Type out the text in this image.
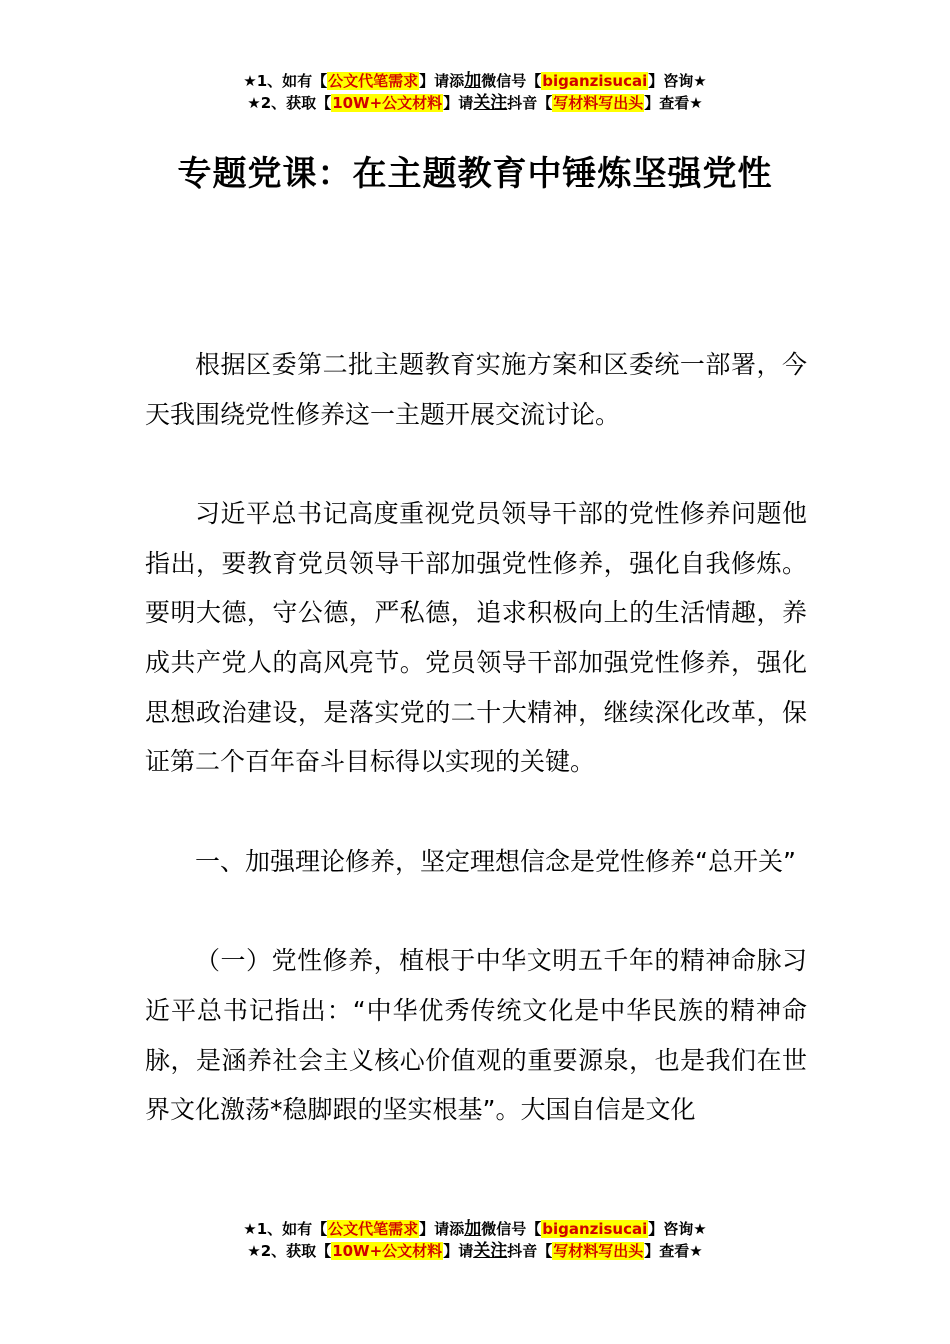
★1、如有【公文代笔需求】请添加微信号【biganzisucai】咨询★
★2、获取【10W+公文材料】请关注抖音【写材料写出头】查看★
专题党课：在主题教育中锤炼坚强党性

根据区委第二批主题教育实施方案和区委统一部署，今天我围绕党性修养这一主题开展交流讨论。

习近平总书记高度重视党员领导干部的党性修养问题他指出，要教育党员领导干部加强党性修养，强化自我修炼。要明大德，守公德，严私德，追求积极向上的生活情趣，养成共产党人的高风亮节。党员领导干部加强党性修养，强化思想政治建设，是落实党的二十大精神，继续深化改革，保证第二个百年奋斗目标得以实现的关键。

一、加强理论修养，坚定理想信念是党性修养“总开关”

（一）党性修养，植根于中华文明五千年的精神命脉习近平总书记指出：“中华优秀传统文化是中华民族的精神命脉，是涵养社会主义核心价值观的重要源泉，也是我们在世界文化激荡*稳脚跟的坚实根基”。大国自信是文化

★1、如有【公文代笔需求】请添加微信号【biganzisucai】咨询★
★2、获取【10W+公文材料】请关注抖音【写材料写出头】查看★
